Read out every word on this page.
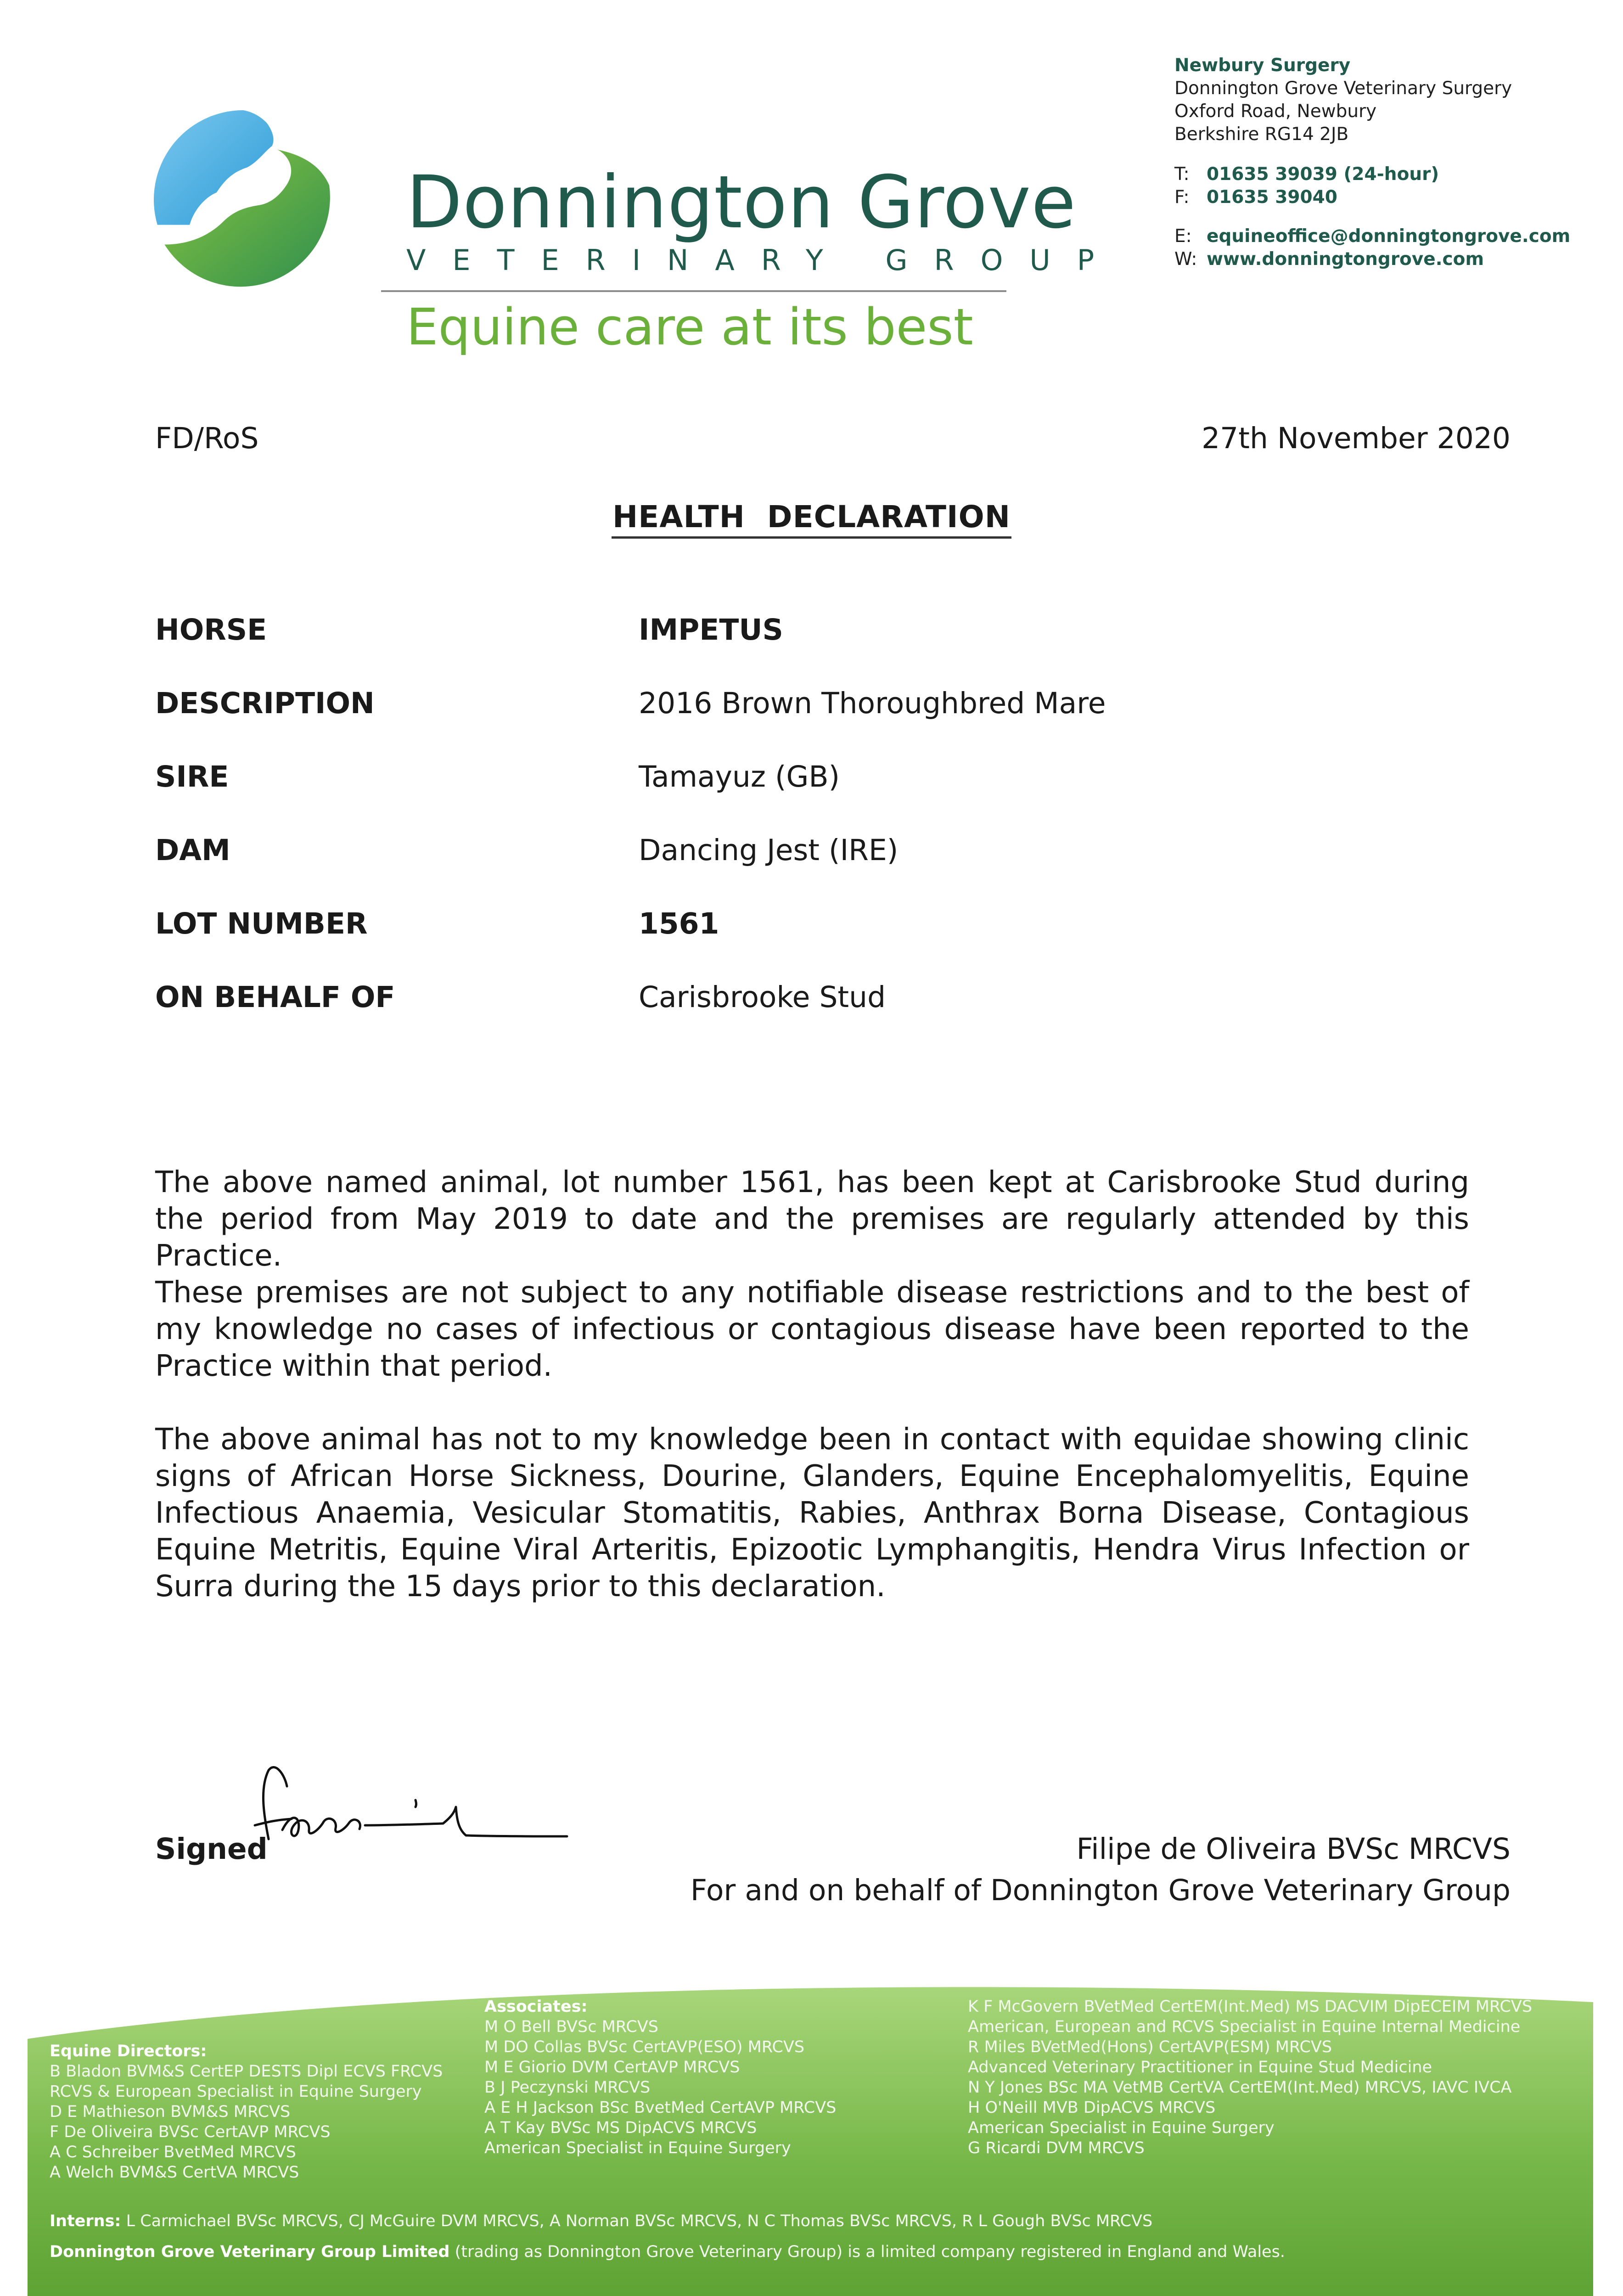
Donnington Grove
VETERINARY GROUP
Equine care at its best
Newbury Surgery
Donnington Grove Veterinary Surgery
Oxford Road, Newbury
Berkshire RG14 2JB
T: 01635 39039 (24-hour)
F: 01635 39040
E: equineoffice@donningtongrove.com
W: www.donningtongrove.com
FD/RoS	27th November 2020
HEALTH  DECLARATION
HORSE	IMPETUS
DESCRIPTION	2016 Brown Thoroughbred Mare
SIRE	Tamayuz (GB)
DAM	Dancing Jest (IRE)
LOT NUMBER	1561
ON BEHALF OF	Carisbrooke Stud
The above named animal, lot number 1561, has been kept at Carisbrooke Stud during the period from May 2019 to date and the premises are regularly attended by this Practice.
These premises are not subject to any notifiable disease restrictions and to the best of my knowledge no cases of infectious or contagious disease have been reported to the Practice within that period.
The above animal has not to my knowledge been in contact with equidae showing clinic signs of African Horse Sickness, Dourine, Glanders, Equine Encephalomyelitis, Equine Infectious Anaemia, Vesicular Stomatitis, Rabies, Anthrax Borna Disease, Contagious Equine Metritis, Equine Viral Arteritis, Epizootic Lymphangitis, Hendra Virus Infection or Surra during the 15 days prior to this declaration.
Signed	Filipe de Oliveira BVSc MRCVS
For and on behalf of Donnington Grove Veterinary Group
Equine Directors:
B Bladon BVM&S CertEP DESTS Dipl ECVS FRCVS
RCVS & European Specialist in Equine Surgery
D E Mathieson BVM&S MRCVS
F De Oliveira BVSc CertAVP MRCVS
A C Schreiber BvetMed MRCVS
A Welch BVM&S CertVA MRCVS
Associates:
M O Bell BVSc MRCVS
M DO Collas BVSc CertAVP(ESO) MRCVS
M E Giorio DVM CertAVP MRCVS
B J Peczynski MRCVS
A E H Jackson BSc BvetMed CertAVP MRCVS
A T Kay BVSc MS DipACVS MRCVS
American Specialist in Equine Surgery
K F McGovern BVetMed CertEM(Int.Med) MS DACVIM DipECEIM MRCVS
American, European and RCVS Specialist in Equine Internal Medicine
R Miles BVetMed(Hons) CertAVP(ESM) MRCVS
Advanced Veterinary Practitioner in Equine Stud Medicine
N Y Jones BSc MA VetMB CertVA CertEM(Int.Med) MRCVS, IAVC IVCA
H O'Neill MVB DipACVS MRCVS
American Specialist in Equine Surgery
G Ricardi DVM MRCVS
Interns: L Carmichael BVSc MRCVS, CJ McGuire DVM MRCVS, A Norman BVSc MRCVS, N C Thomas BVSc MRCVS, R L Gough BVSc MRCVS
Donnington Grove Veterinary Group Limited (trading as Donnington Grove Veterinary Group) is a limited company registered in England and Wales.
